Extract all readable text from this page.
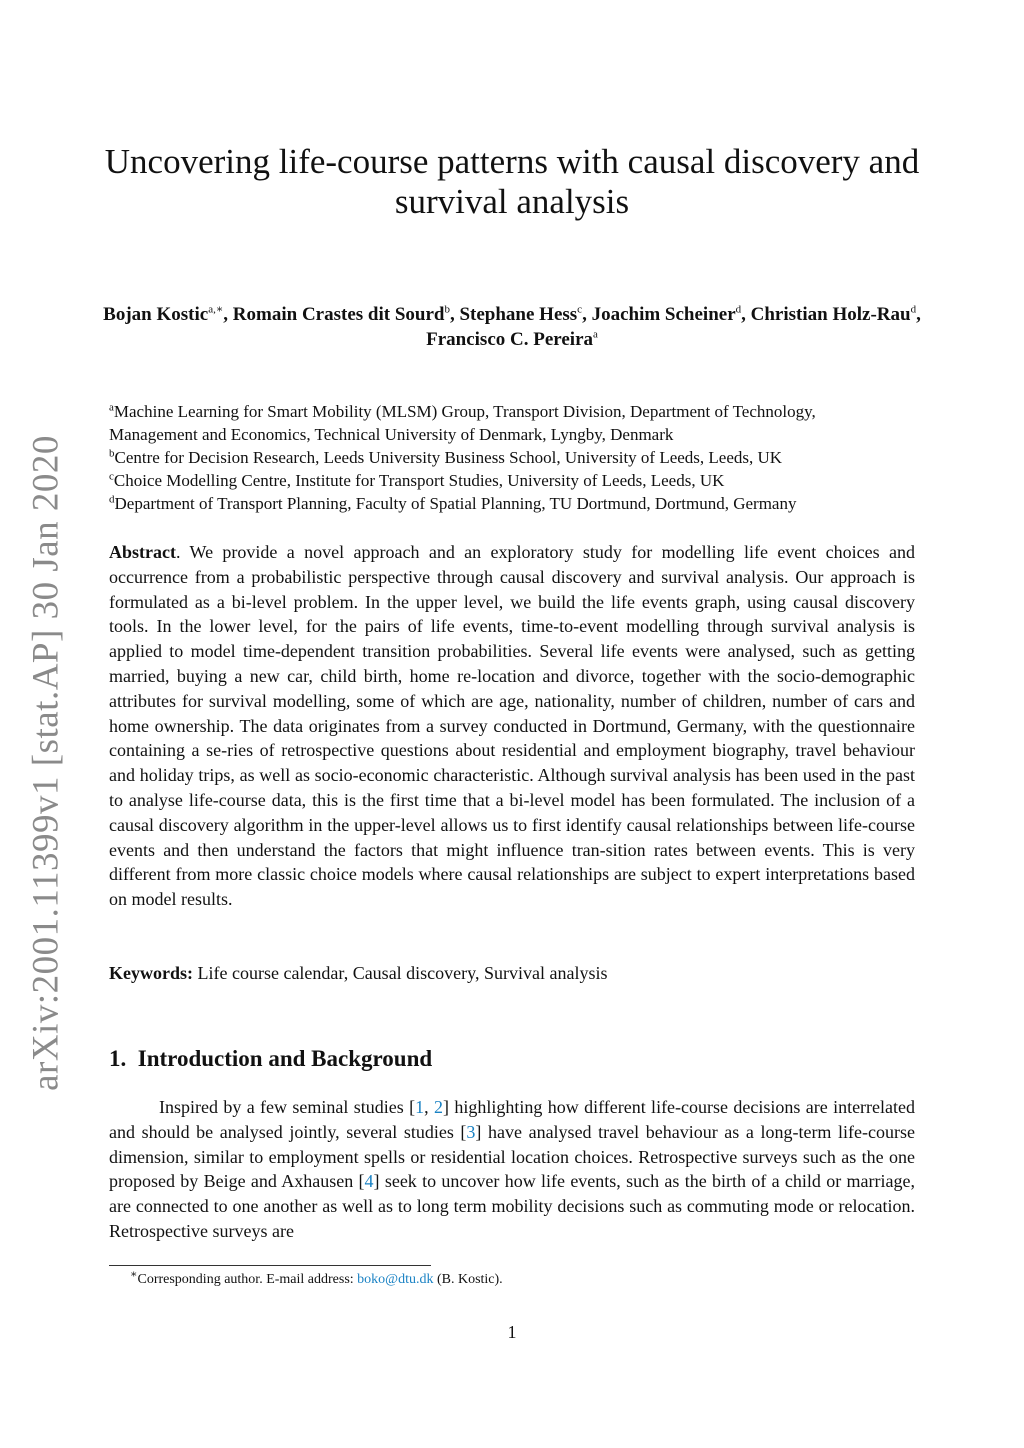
arXiv:2001.11399v1 [stat.AP] 30 Jan 2020
Uncovering life-course patterns with causal discovery and survival analysis
Bojan Kostic$^{a,∗}$, Romain Crastes dit Sourd$^b$, Stephane Hess$^c$, Joachim Scheiner$^d$, Christian Holz-Rau$^d$, Francisco C. Pereira$^a$
$^a$Machine Learning for Smart Mobility (MLSM) Group, Transport Division, Department of Technology,
Management and Economics, Technical University of Denmark, Lyngby, Denmark
$^b$Centre for Decision Research, Leeds University Business School, University of Leeds, Leeds, UK
$^c$Choice Modelling Centre, Institute for Transport Studies, University of Leeds, Leeds, UK
$^d$Department of Transport Planning, Faculty of Spatial Planning, TU Dortmund, Dortmund, Germany
Abstract. We provide a novel approach and an exploratory study for modelling life event choices and occurrence from a probabilistic perspective through causal discovery and survival analysis. Our approach is formulated as a bi-level problem. In the upper level, we build the life events graph, using causal discovery tools. In the lower level, for the pairs of life events, time-to-event modelling through survival analysis is applied to model time-dependent transition probabilities. Several life events were analysed, such as getting married, buying a new car, child birth, home re-location and divorce, together with the socio-demographic attributes for survival modelling, some of which are age, nationality, number of children, number of cars and home ownership. The data originates from a survey conducted in Dortmund, Germany, with the questionnaire containing a se-ries of retrospective questions about residential and employment biography, travel behaviour and holiday trips, as well as socio-economic characteristic. Although survival analysis has been used in the past to analyse life-course data, this is the first time that a bi-level model has been formulated. The inclusion of a causal discovery algorithm in the upper-level allows us to first identify causal relationships between life-course events and then understand the factors that might influence tran-sition rates between events. This is very different from more classic choice models where causal relationships are subject to expert interpretations based on model results.
Keywords: Life course calendar, Causal discovery, Survival analysis
1. Introduction and Background
Inspired by a few seminal studies [1, 2] highlighting how different life-course decisions are interrelated and should be analysed jointly, several studies [3] have analysed travel behaviour as a long-term life-course dimension, similar to employment spells or residential location choices. Retrospective surveys such as the one proposed by Beige and Axhausen [4] seek to uncover how life events, such as the birth of a child or marriage, are connected to one another as well as to long term mobility decisions such as commuting mode or relocation. Retrospective surveys are
∗Corresponding author. E-mail address: boko@dtu.dk (B. Kostic).
1
